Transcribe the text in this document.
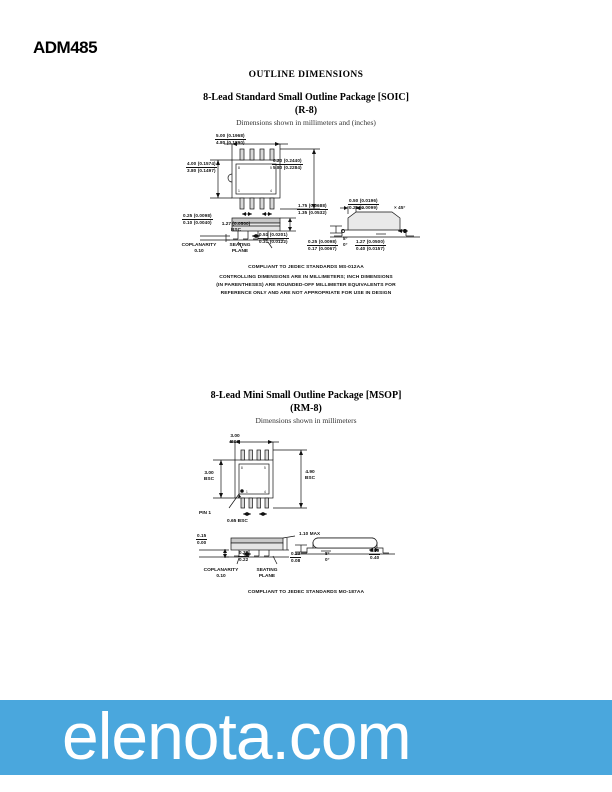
ADM485
OUTLINE DIMENSIONS
8-Lead Standard Small Outline Package [SOIC]
(R-8)
Dimensions shown in millimeters and (inches)
8	5
1	4
5.00 (0.1968)
4.80 (0.1890)
4.00 (0.1574)
3.80 (0.1497)
6.20 (0.2440)
5.80 (0.2284)
1.27 (0.0500)
BSC
0.25 (0.0098)
0.10 (0.0040)
1.75 (0.0688)
1.35 (0.0532)
0.51 (0.0201)
0.31 (0.0122)
COPLANARITY
0.10
SEATING
PLANE
0.50 (0.0196)
0.25 (0.0099)	× 45°
0.25 (0.0098)
0.17 (0.0067)
1.27 (0.0500)
0.40 (0.0157)
8°
0°
COMPLIANT TO JEDEC STANDARDS MS-012AA
CONTROLLING DIMENSIONS ARE IN MILLIMETERS; INCH DIMENSIONS
(IN PARENTHESES) ARE ROUNDED-OFF MILLIMETER EQUIVALENTS FOR
REFERENCE ONLY AND ARE NOT APPROPRIATE FOR USE IN DESIGN
8-Lead Mini Small Outline Package [MSOP]
(RM-8)
Dimensions shown in millimeters
8	5
1	4
3.00
BSC
3.00
BSC
4.90
BSC
PIN 1
0.65 BSC
0.15
0.00
1.10 MAX
0.38
0.22
0.23
0.08
COPLANARITY
0.10
SEATING
PLANE
8°
0°
0.80
0.40
COMPLIANT TO JEDEC STANDARDS MO-187AA
elenota.com
